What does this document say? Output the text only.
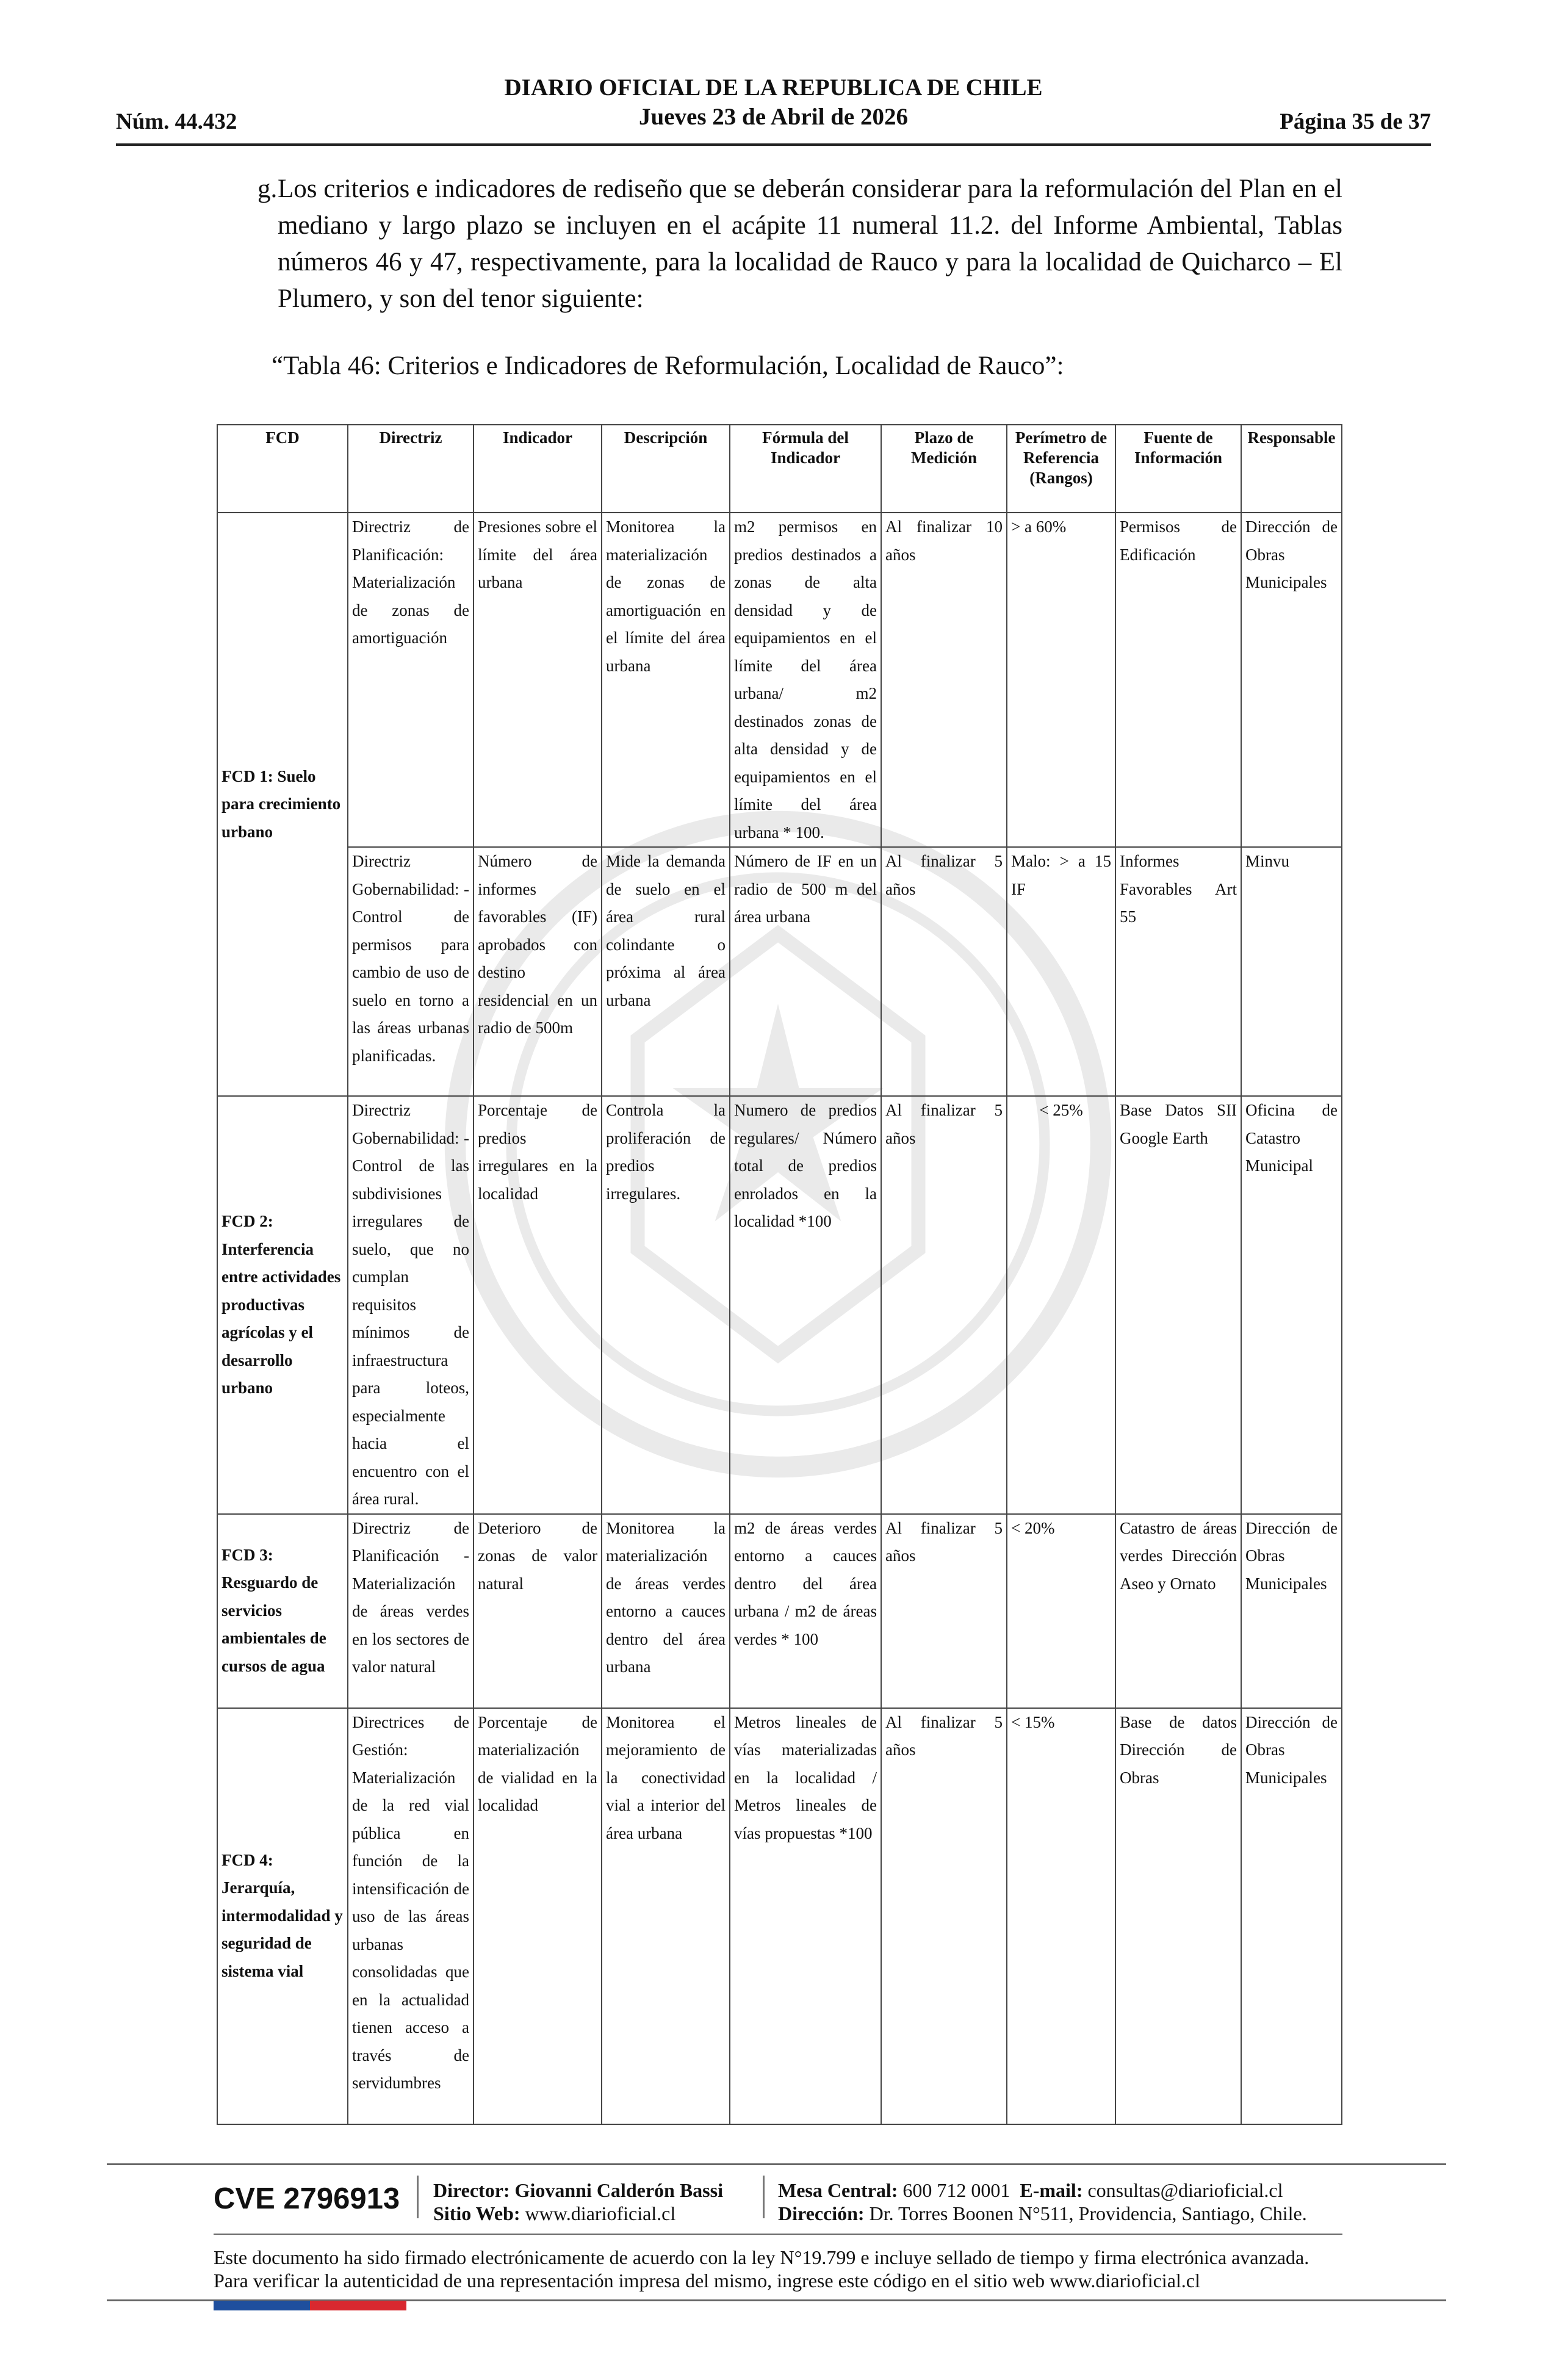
Núm. 44.432
DIARIO OFICIAL DE LA REPUBLICA DE CHILE
Jueves 23 de Abril de 2026	Página 35 de 37
g. Los criterios e indicadores de rediseño que se deberán considerar para la reformulación del Plan en el mediano y largo plazo se incluyen en el acápite 11 numeral 11.2. del Informe Ambiental, Tablas números 46 y 47, respectivamente, para la localidad de Rauco y para la localidad de Quicharco – El Plumero, y son del tenor siguiente:
“Tabla 46: Criterios e Indicadores de Reformulación, Localidad de Rauco”:
FCD	Directriz	Indicador	Descripción	Fórmula del Indicador	Plazo de Medición	Perímetro de Referencia (Rangos)	Fuente de Información	Responsable
FCD 1: Suelo para crecimiento urbano	Directriz de Planificación: Materialización de zonas de amortiguación	Presiones sobre el límite del área urbana	Monitorea la materialización de zonas de amortiguación en el límite del área urbana	m2 permisos en predios destinados a zonas de alta densidad y de equipamientos en el límite del área urbana/ m2 destinados zonas de alta densidad y de equipamientos en el límite del área urbana * 100.	Al finalizar 10 años	> a 60%	Permisos de Edificación	Dirección de Obras Municipales
	Directriz Gobernabilidad: - Control de permisos para cambio de uso de suelo en torno a las áreas urbanas planificadas.	Número de informes favorables (IF) aprobados con destino residencial en un radio de 500m	Mide la demanda de suelo en el área rural colindante o próxima al área urbana	Número de IF en un radio de 500 m del área urbana	Al finalizar 5 años	Malo: > a 15 IF	Informes Favorables Art 55	Minvu
FCD 2: Interferencia entre actividades productivas agrícolas y el desarrollo urbano	Directriz Gobernabilidad: - Control de las subdivisiones irregulares de suelo, que no cumplan requisitos mínimos de infraestructura para loteos, especialmente hacia el encuentro con el área rural.	Porcentaje de predios irregulares en la localidad	Controla la proliferación de predios irregulares.	Numero de predios regulares/ Número total de predios enrolados en la localidad *100	Al finalizar 5 años	< 25%	Base Datos SII Google Earth	Oficina de Catastro Municipal
FCD 3: Resguardo de servicios ambientales de cursos de agua	Directriz de Planificación - Materialización de áreas verdes en los sectores de valor natural	Deterioro de zonas de valor natural	Monitorea la materialización de áreas verdes entorno a cauces dentro del área urbana	m2 de áreas verdes entorno a cauces dentro del área urbana / m2 de áreas verdes * 100	Al finalizar 5 años	< 20%	Catastro de áreas verdes Dirección Aseo y Ornato	Dirección de Obras Municipales
FCD 4: Jerarquía, intermodalidad y seguridad de sistema vial	Directrices de Gestión: Materialización de la red vial pública en función de la intensificación de uso de las áreas urbanas consolidadas que en la actualidad tienen acceso a través de servidumbres	Porcentaje de materialización de vialidad en la localidad	Monitorea el mejoramiento de la conectividad vial a interior del área urbana	Metros lineales de vías materializadas en la localidad / Metros lineales de vías propuestas *100	Al finalizar 5 años	< 15%	Base de datos Dirección de Obras	Dirección de Obras Municipales
CVE 2796913 Director: Giovanni Calderón Bassi
Sitio Web: www.diarioficial.cl
Mesa Central: 600 712 0001 E-mail: consultas@diarioficial.cl
Dirección: Dr. Torres Boonen N°511, Providencia, Santiago, Chile.
Este documento ha sido firmado electrónicamente de acuerdo con la ley N°19.799 e incluye sellado de tiempo y firma electrónica avanzada. Para verificar la autenticidad de una representación impresa del mismo, ingrese este código en el sitio web www.diarioficial.cl
